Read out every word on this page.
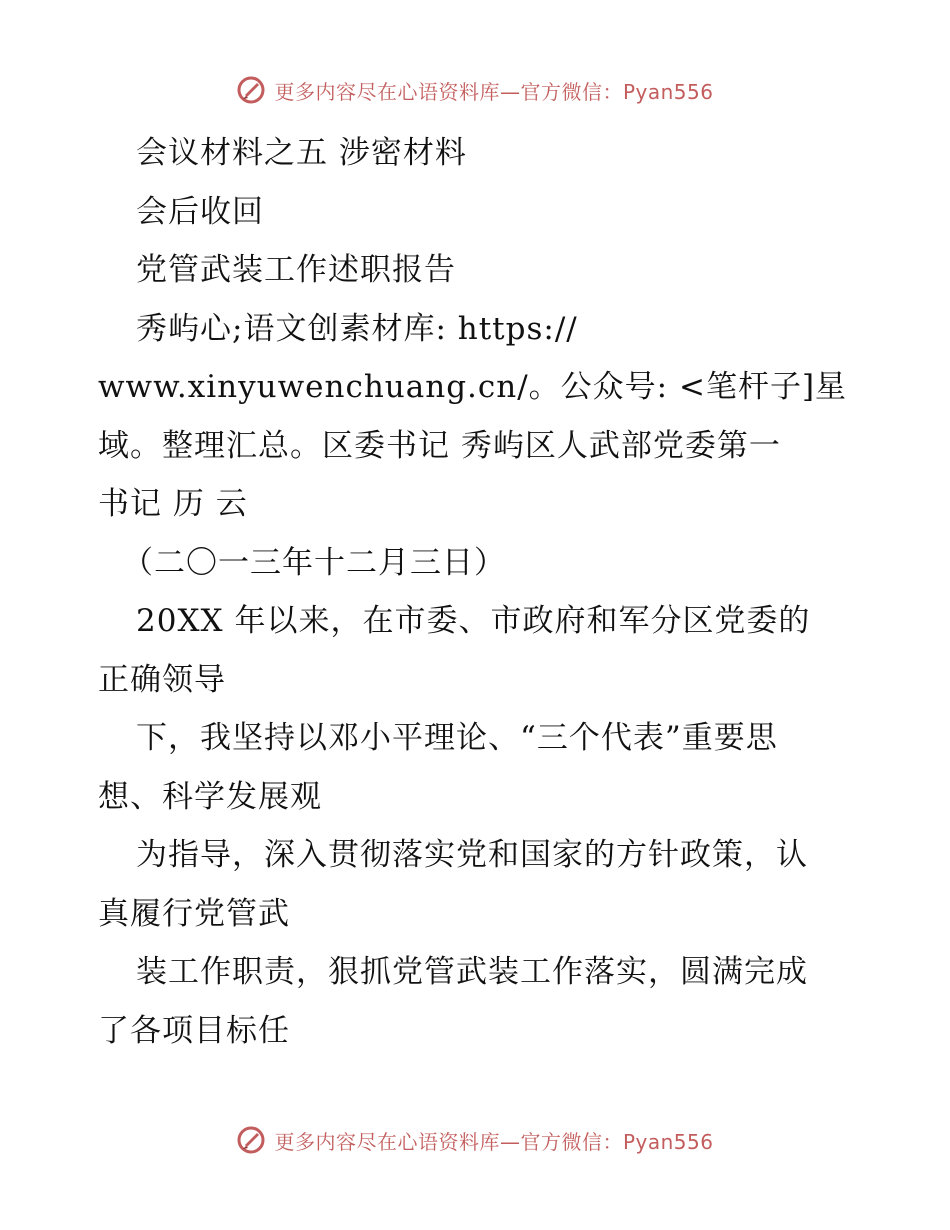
更多内容尽在心语资料库—官方微信：Pyan556

会议材料之五 涉密材料

会后收回

党管武装工作述职报告

秀屿心;语文创素材库: https://

www.xinyuwenchuang.cn/。公众号: <笔杆子]星

域。整理汇总。区委书记 秀屿区人武部党委第一

书记 历 云

（二〇一三年十二月三日）

20XX 年以来，在市委、市政府和军分区党委的

正确领导

下，我坚持以邓小平理论、“三个代表”重要思

想、科学发展观

为指导，深入贯彻落实党和国家的方针政策，认

真履行党管武

装工作职责，狠抓党管武装工作落实，圆满完成

了各项目标任

更多内容尽在心语资料库—官方微信：Pyan556
